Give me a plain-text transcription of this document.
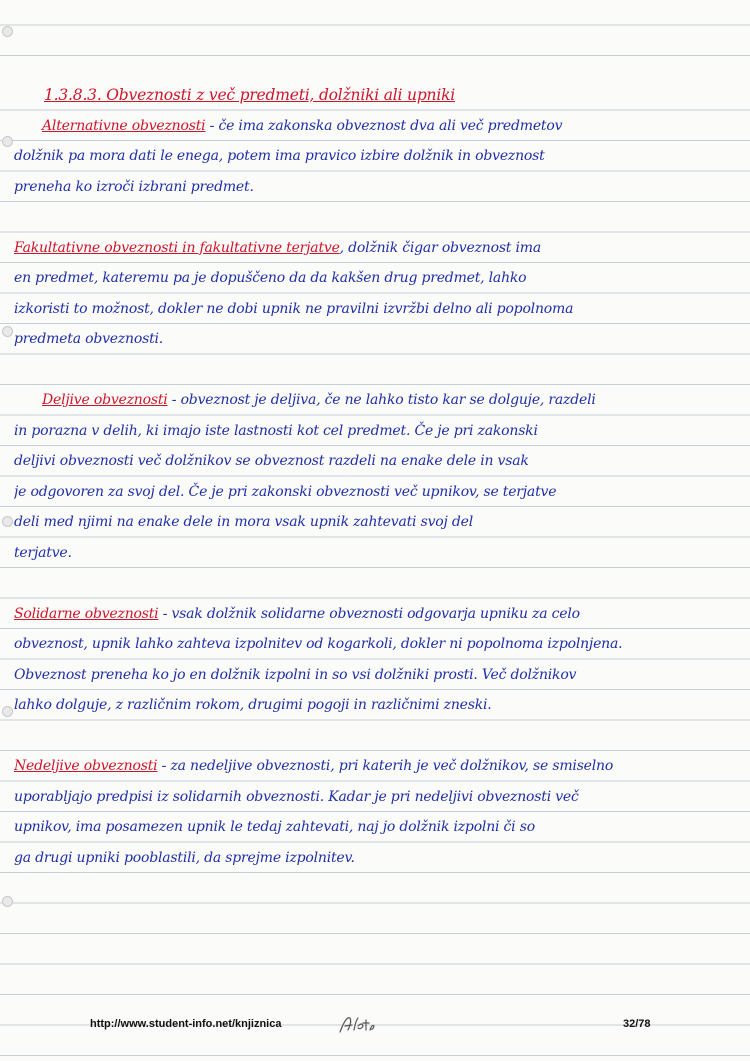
1.3.8.3. Obveznosti z več predmeti, dolžniki ali upniki
Alternativne obveznosti - če ima zakonska obveznost dva ali več predmetov
dolžnik pa mora dati le enega, potem ima pravico izbire dolžnik in obveznost
preneha ko izroči izbrani predmet.
Fakultativne obveznosti in fakultativne terjatve, dolžnik čigar obveznost ima
en predmet, kateremu pa je dopuščeno da da kakšen drug predmet, lahko
izkoristi to možnost, dokler ne dobi upnik ne pravilni izvržbi delno ali popolnoma
predmeta obveznosti.
Deljive obveznosti - obveznost je deljiva, če ne lahko tisto kar se dolguje, razdeli
in porazna v delih, ki imajo iste lastnosti kot cel predmet. Če je pri zakonski
deljivi obveznosti več dolžnikov se obveznost razdeli na enake dele in vsak
je odgovoren za svoj del. Če je pri zakonski obveznosti več upnikov, se terjatve
deli med njimi na enake dele in mora vsak upnik zahtevati svoj del
terjatve.
Solidarne obveznosti - vsak dolžnik solidarne obveznosti odgovarja upniku za celo
obveznost, upnik lahko zahteva izpolnitev od kogarkoli, dokler ni popolnoma izpolnjena.
Obveznost preneha ko jo en dolžnik izpolni in so vsi dolžniki prosti. Več dolžnikov
lahko dolguje, z različnim rokom, drugimi pogoji in različnimi zneski.
Nedeljive obveznosti - za nedeljive obveznosti, pri katerih je več dolžnikov, se smiselno
uporabljajo predpisi iz solidarnih obveznosti. Kadar je pri nedeljivi obveznosti več
upnikov, ima posamezen upnik le tedaj zahtevati, naj jo dolžnik izpolni či so
ga drugi upniki pooblastili, da sprejme izpolnitev.
http://www.student-info.net/knjiznica	32/78
